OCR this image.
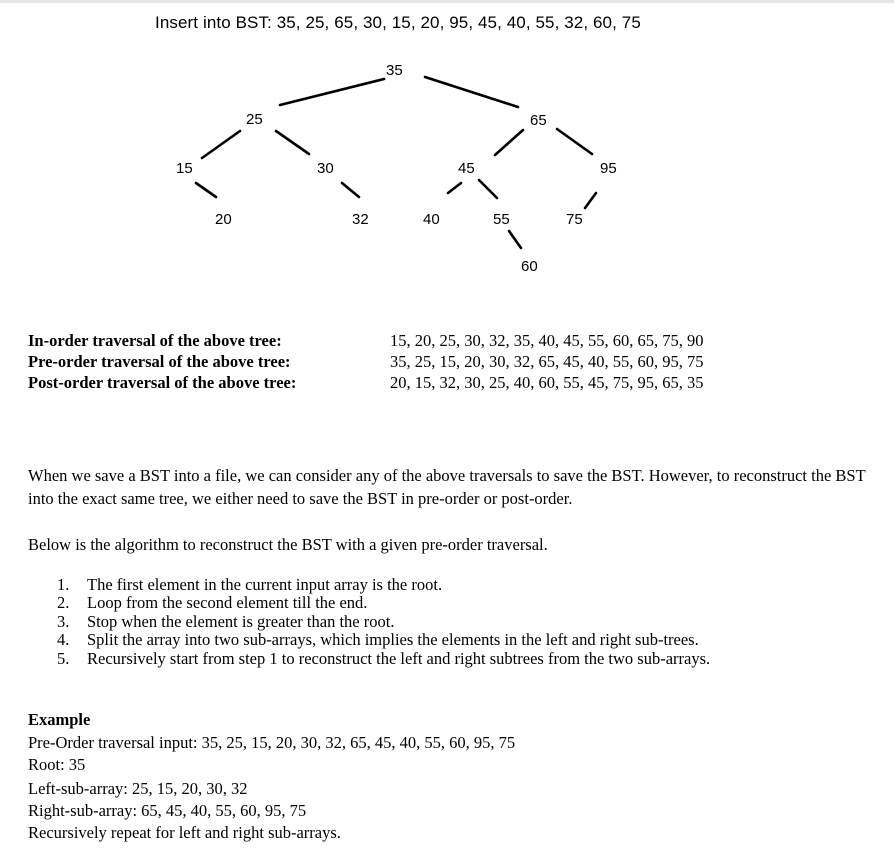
Insert into BST: 35, 25, 65, 30, 15, 20, 95, 45, 40, 55, 32, 60, 75
35
25	65
15	30	45	95
20	32	40	55	75
60
In-order traversal of the above tree:	15, 20, 25, 30, 32, 35, 40, 45, 55, 60, 65, 75, 90
Pre-order traversal of the above tree:	35, 25, 15, 20, 30, 32, 65, 45, 40, 55, 60, 95, 75
Post-order traversal of the above tree:	20, 15, 32, 30, 25, 40, 60, 55, 45, 75, 95, 65, 35
When we save a BST into a file, we can consider any of the above traversals to save the BST. However, to reconstruct the BST into the exact same tree, we either need to save the BST in pre-order or post-order.
Below is the algorithm to reconstruct the BST with a given pre-order traversal.
1. The first element in the current input array is the root.
2. Loop from the second element till the end.
3. Stop when the element is greater than the root.
4. Split the array into two sub-arrays, which implies the elements in the left and right sub-trees.
5. Recursively start from step 1 to reconstruct the left and right subtrees from the two sub-arrays.
Example
Pre-Order traversal input: 35, 25, 15, 20, 30, 32, 65, 45, 40, 55, 60, 95, 75
Root: 35
Left-sub-array: 25, 15, 20, 30, 32
Right-sub-array: 65, 45, 40, 55, 60, 95, 75
Recursively repeat for left and right sub-arrays.
